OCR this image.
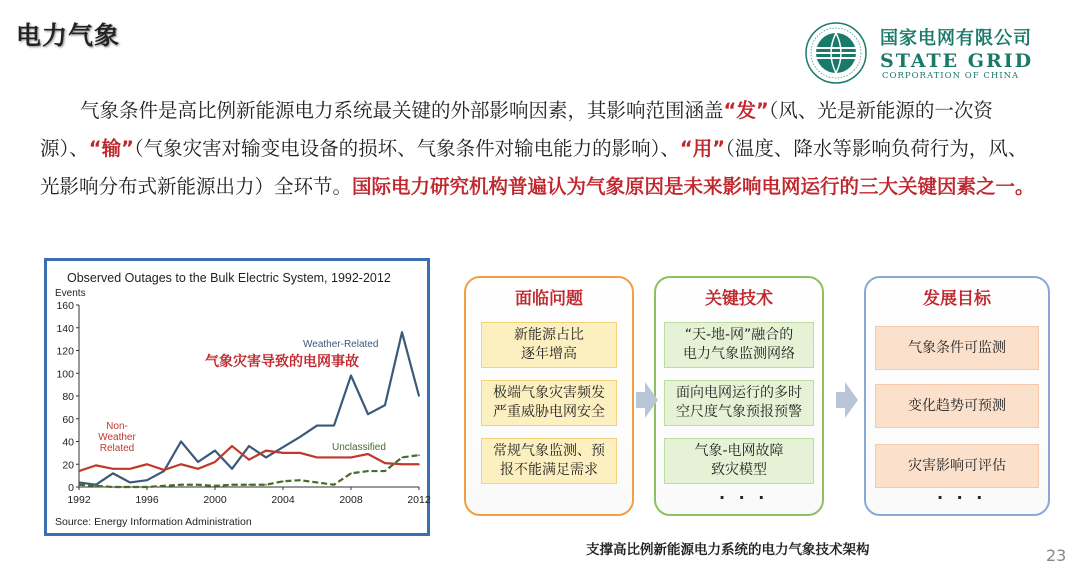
电力气象	国家电网有限公司
STATE GRID
CORPORATION OF CHINA
气象条件是高比例新能源电力系统最关键的外部影响因素，其影响范围涵盖“发”（风、光是新能源的一次资源）、“输”（气象灾害对输变电设备的损坏、气象条件对输电能力的影响）、“用”（温度、降水等影响负荷行为，风、光影响分布式新能源出力）全环节。国际电力研究机构普遍认为气象原因是未来影响电网运行的三大关键因素之一。
Observed Outages to the Bulk Electric System, 1992-2012
Events
0
20
40
60
80
100
120
140
160
1992	1996	2000	2004	2008	2012
Weather-Related
Non-
Weather
Related	Unclassified
气象灾害导致的电网事故
Source: Energy Information Administration
面临问题
新能源占比
逐年增高
极端气象灾害频发
严重威胁电网安全
常规气象监测、预
报不能满足需求
关键技术
“天-地-网”融合的
电力气象监测网络
面向电网运行的多时
空尺度气象预报预警
气象-电网故障
致灾模型
· · ·
发展目标
气象条件可监测
变化趋势可预测
灾害影响可评估
· · ·
支撑高比例新能源电力系统的电力气象技术架构	23
